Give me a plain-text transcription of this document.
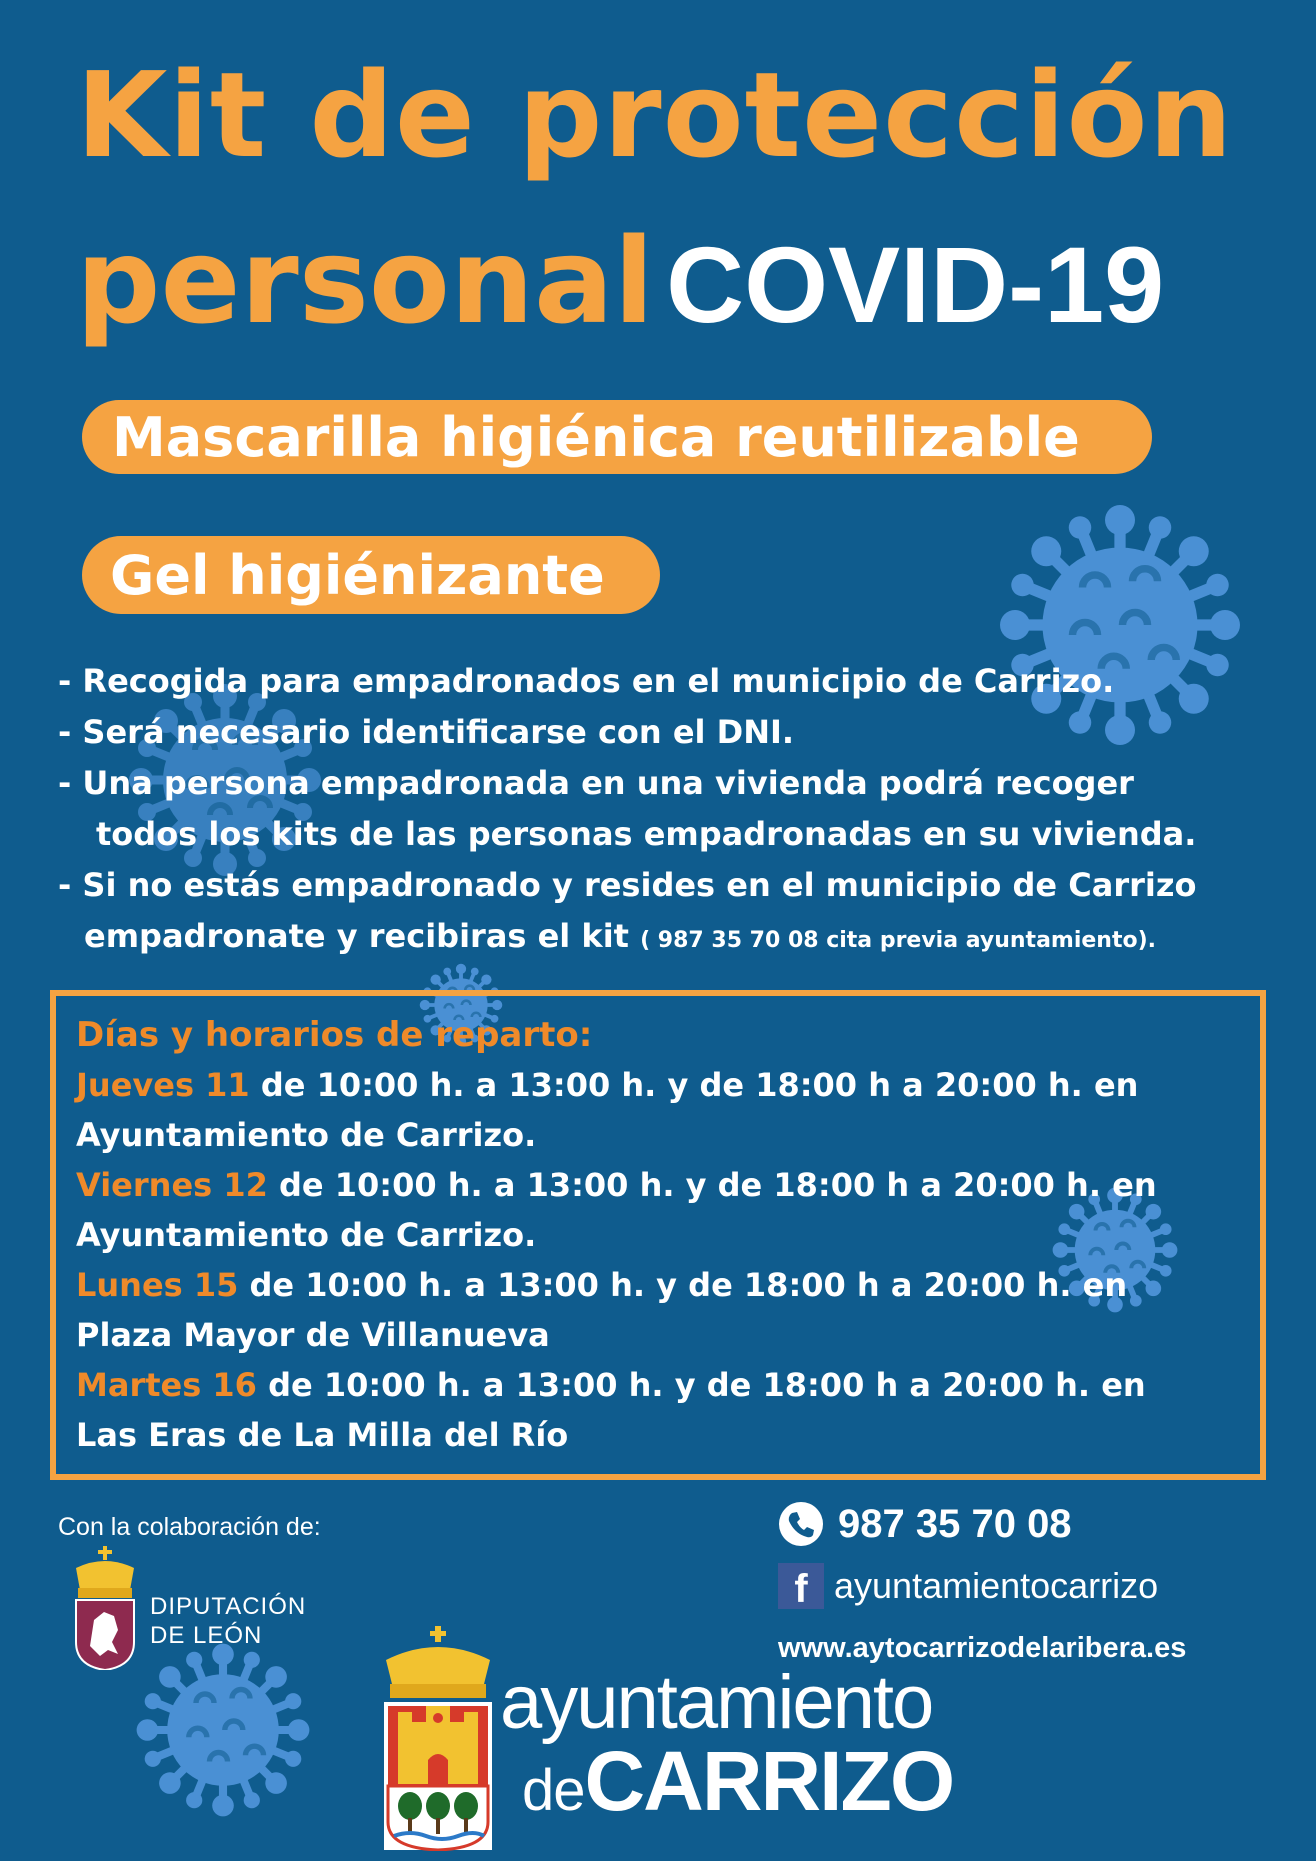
Kit de protección
personal COVID-19
Mascarilla higiénica reutilizable
Gel higiénizante
- Recogida para empadronados en el municipio de Carrizo.
- Será necesario identificarse con el DNI.
- Una persona empadronada en una vivienda podrá recoger
todos los kits de las personas empadronadas en su vivienda.
- Si no estás empadronado y resides en el municipio de Carrizo
empadronate y recibiras el kit ( 987 35 70 08 cita previa ayuntamiento).
Días y horarios de reparto:
Jueves 11 de 10:00 h. a 13:00 h. y de 18:00 h a 20:00 h. en
Ayuntamiento de Carrizo.
Viernes 12 de 10:00 h. a 13:00 h. y de 18:00 h a 20:00 h. en
Ayuntamiento de Carrizo.
Lunes 15 de 10:00 h. a 13:00 h. y de 18:00 h a 20:00 h. en
Plaza Mayor de Villanueva
Martes 16 de 10:00 h. a 13:00 h. y de 18:00 h a 20:00 h. en
Las Eras de La Milla del Río
Con la colaboración de:
DIPUTACIÓN
DE LEÓN
987 35 70 08
f ayuntamientocarrizo
www.aytocarrizodelaribera.es
ayuntamiento
deCARRIZO
